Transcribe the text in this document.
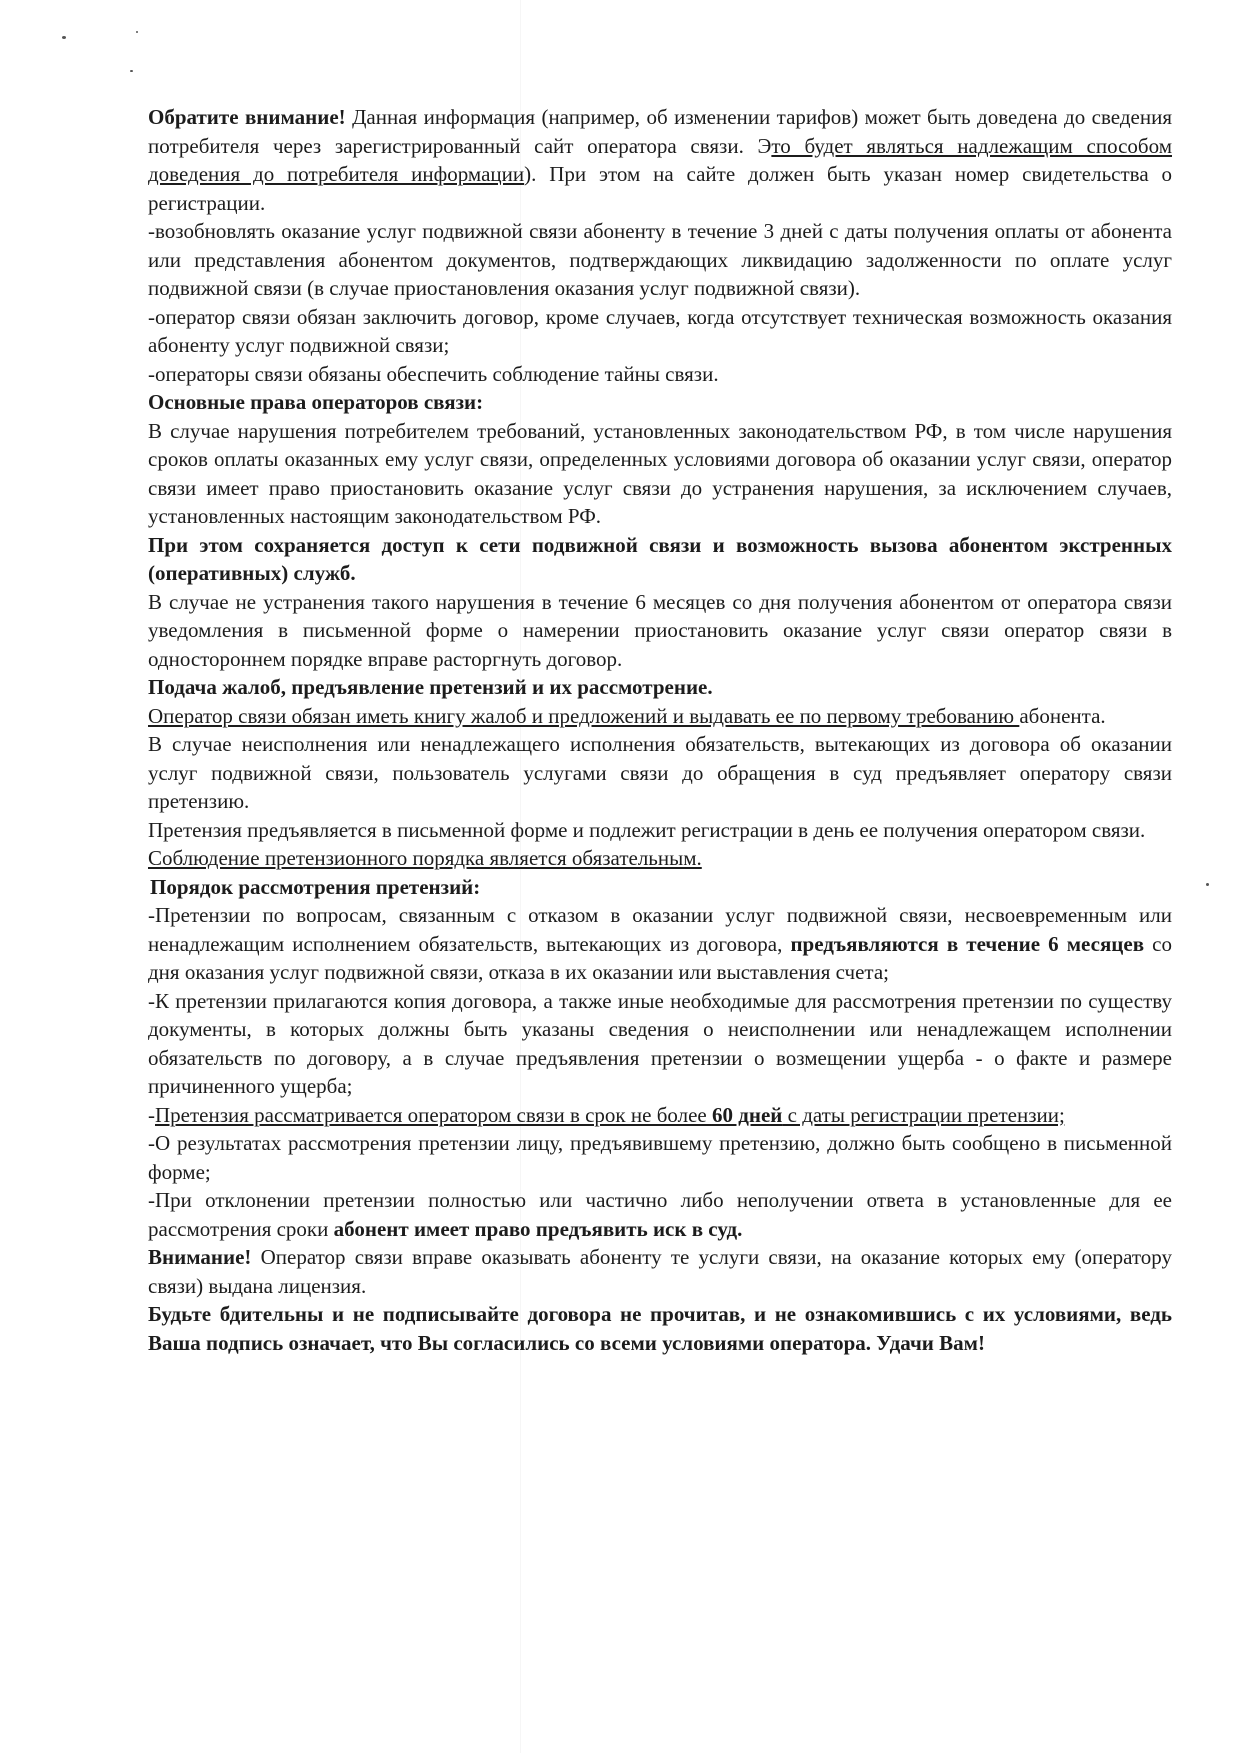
Обратите внимание! Данная информация (например, об изменении тарифов) может быть доведена до сведения потребителя через зарегистрированный сайт оператора связи. Это будет являться надлежащим способом доведения до потребителя информации). При этом на сайте должен быть указан номер свидетельства о регистрации.

-возобновлять оказание услуг подвижной связи абоненту в течение 3 дней с даты получения оплаты от абонента или представления абонентом документов, подтверждающих ликвидацию задолженности по оплате услуг подвижной связи (в случае приостановления оказания услуг подвижной связи).

-оператор связи обязан заключить договор, кроме случаев, когда отсутствует техническая возможность оказания абоненту услуг подвижной связи;

-операторы связи обязаны обеспечить соблюдение тайны связи.

Основные права операторов связи:

В случае нарушения потребителем требований, установленных законодательством РФ, в том числе нарушения сроков оплаты оказанных ему услуг связи, определенных условиями договора об оказании услуг связи, оператор связи имеет право приостановить оказание услуг связи до устранения нарушения, за исключением случаев, установленных настоящим законодательством РФ.

При этом сохраняется доступ к сети подвижной связи и возможность вызова абонентом экстренных (оперативных) служб.

В случае не устранения такого нарушения в течение 6 месяцев со дня получения абонентом от оператора связи уведомления в письменной форме о намерении приостановить оказание услуг связи оператор связи в одностороннем порядке вправе расторгнуть договор.

Подача жалоб, предъявление претензий и их рассмотрение.

Оператор связи обязан иметь книгу жалоб и предложений и выдавать ее по первому требованию абонента.

В случае неисполнения или ненадлежащего исполнения обязательств, вытекающих из договора об оказании услуг подвижной связи, пользователь услугами связи до обращения в суд предъявляет оператору связи претензию.

Претензия предъявляется в письменной форме и подлежит регистрации в день ее получения оператором связи.

Соблюдение претензионного порядка является обязательным.

Порядок рассмотрения претензий:

-Претензии по вопросам, связанным с отказом в оказании услуг подвижной связи, несвоевременным или ненадлежащим исполнением обязательств, вытекающих из договора, предъявляются в течение 6 месяцев со дня оказания услуг подвижной связи, отказа в их оказании или выставления счета;

-К претензии прилагаются копия договора, а также иные необходимые для рассмотрения претензии по существу документы, в которых должны быть указаны сведения о неисполнении или ненадлежащем исполнении обязательств по договору, а в случае предъявления претензии о возмещении ущерба - о факте и размере причиненного ущерба;

-Претензия рассматривается оператором связи в срок не более 60 дней с даты регистрации претензии;

-О результатах рассмотрения претензии лицу, предъявившему претензию, должно быть сообщено в письменной форме;

-При отклонении претензии полностью или частично либо неполучении ответа в установленные для ее рассмотрения сроки абонент имеет право предъявить иск в суд.

Внимание! Оператор связи вправе оказывать абоненту те услуги связи, на оказание которых ему (оператору связи) выдана лицензия.

Будьте бдительны и не подписывайте договора не прочитав, и не ознакомившись с их условиями, ведь Ваша подпись означает, что Вы согласились со всеми условиями оператора. Удачи Вам!
